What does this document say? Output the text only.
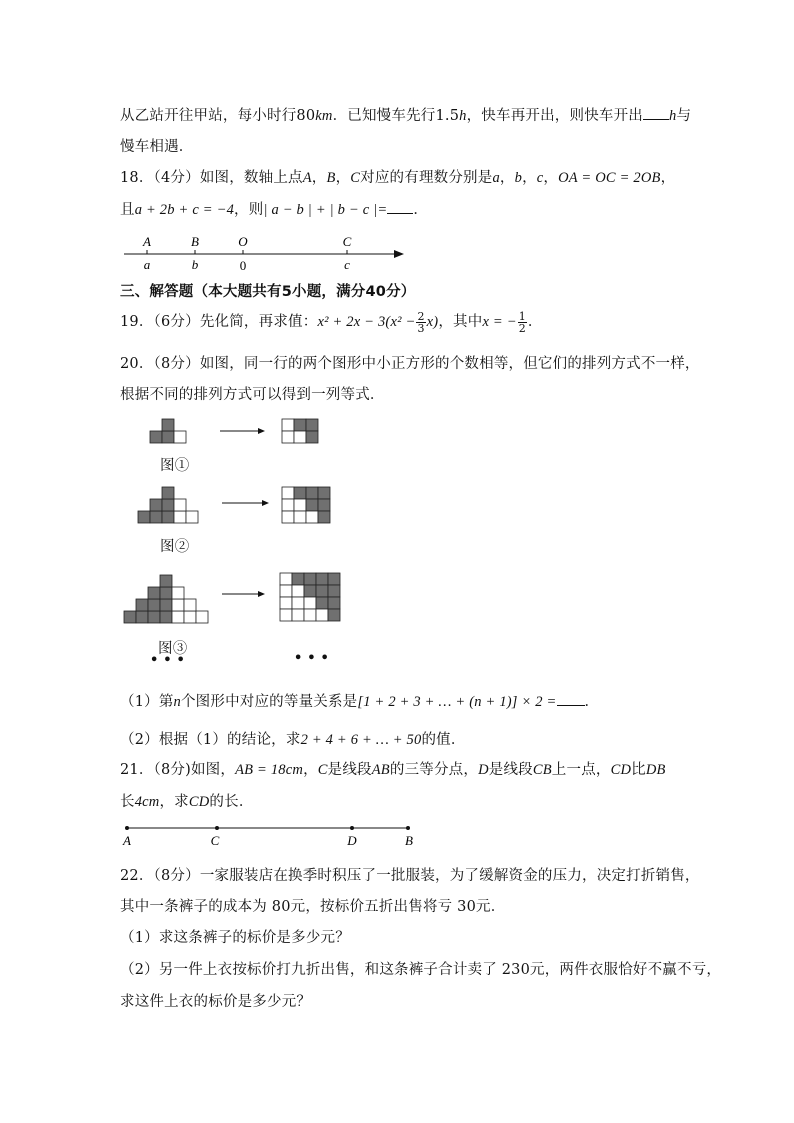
从乙站开往甲站，每小时行80km．已知慢车先行1.5h，快车再开出，则快车开出 h与
慢车相遇．
18．（4分）如图，数轴上点A，B，C对应的有理数分别是a，b，c，OA = OC = 2OB，
且a + 2b + c = −4，则| a − b | + | b − c |= ．
A	B	O	C
a	b	0	c
三、解答题（本大题共有5小题，满分40分）
19．（6分）先化简，再求值：$x^2 + 2x - 3(x^2 - \frac{2}{3} x)$，其中x = − $\frac{1}{2}$ ．
20．（8分）如图，同一行的两个图形中小正方形的个数相等，但它们的排列方式不一样，
根据不同的排列方式可以得到一列等式．
图①
图②
图③
• • •	• • •
（1）第n个图形中对应的等量关系是[1 + 2 + 3 + … + (n + 1)] × 2 = ．
（2）根据（1）的结论，求2 + 4 + 6 + … + 50的值．
21．（8分)如图，AB = 18cm，C是线段AB的三等分点，D是线段CB上一点，CD比DB
长4cm，求CD的长．
A	C	D	B
22．（8分）一家服装店在换季时积压了一批服装，为了缓解资金的压力，决定打折销售，
其中一条裤子的成本为 80元，按标价五折出售将亏 30元．
（1）求这条裤子的标价是多少元？
（2）另一件上衣按标价打九折出售，和这条裤子合计卖了 230元，两件衣服恰好不赢不亏，
求这件上衣的标价是多少元？
